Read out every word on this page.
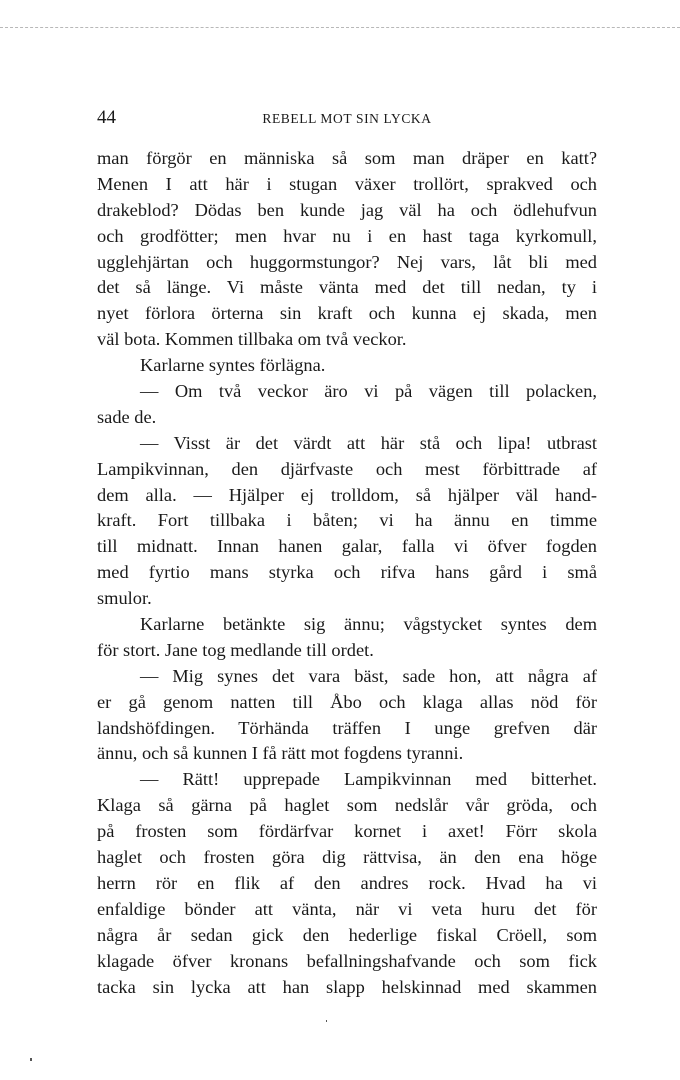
44	REBELL MOT SIN LYCKA
man förgör en människa så som man dräper en katt?
Menen I att här i stugan växer trollört, sprakved och
drakeblod? Dödas ben kunde jag väl ha och ödlehufvun
och grodfötter; men hvar nu i en hast taga kyrkomull,
ugglehjärtan och huggormstungor? Nej vars, låt bli med
det så länge. Vi måste vänta med det till nedan, ty i
nyet förlora örterna sin kraft och kunna ej skada, men
väl bota. Kommen tillbaka om två veckor.
Karlarne syntes förlägna.
— Om två veckor äro vi på vägen till polacken,
sade de.
— Visst är det värdt att här stå och lipa! utbrast
Lampikvinnan, den djärfvaste och mest förbittrade af
dem alla. — Hjälper ej trolldom, så hjälper väl hand-
kraft. Fort tillbaka i båten; vi ha ännu en timme
till midnatt. Innan hanen galar, falla vi öfver fogden
med fyrtio mans styrka och rifva hans gård i små
smulor.
Karlarne betänkte sig ännu; vågstycket syntes dem
för stort. Jane tog medlande till ordet.
— Mig synes det vara bäst, sade hon, att några af
er gå genom natten till Åbo och klaga allas nöd för
landshöfdingen. Törhända träffen I unge grefven där
ännu, och så kunnen I få rätt mot fogdens tyranni.
— Rätt! upprepade Lampikvinnan med bitterhet.
Klaga så gärna på haglet som nedslår vår gröda, och
på frosten som fördärfvar kornet i axet! Förr skola
haglet och frosten göra dig rättvisa, än den ena höge
herrn rör en flik af den andres rock. Hvad ha vi
enfaldige bönder att vänta, när vi veta huru det för
några år sedan gick den hederlige fiskal Cröell, som
klagade öfver kronans befallningshafvande och som fick
tacka sin lycka att han slapp helskinnad med skammen
